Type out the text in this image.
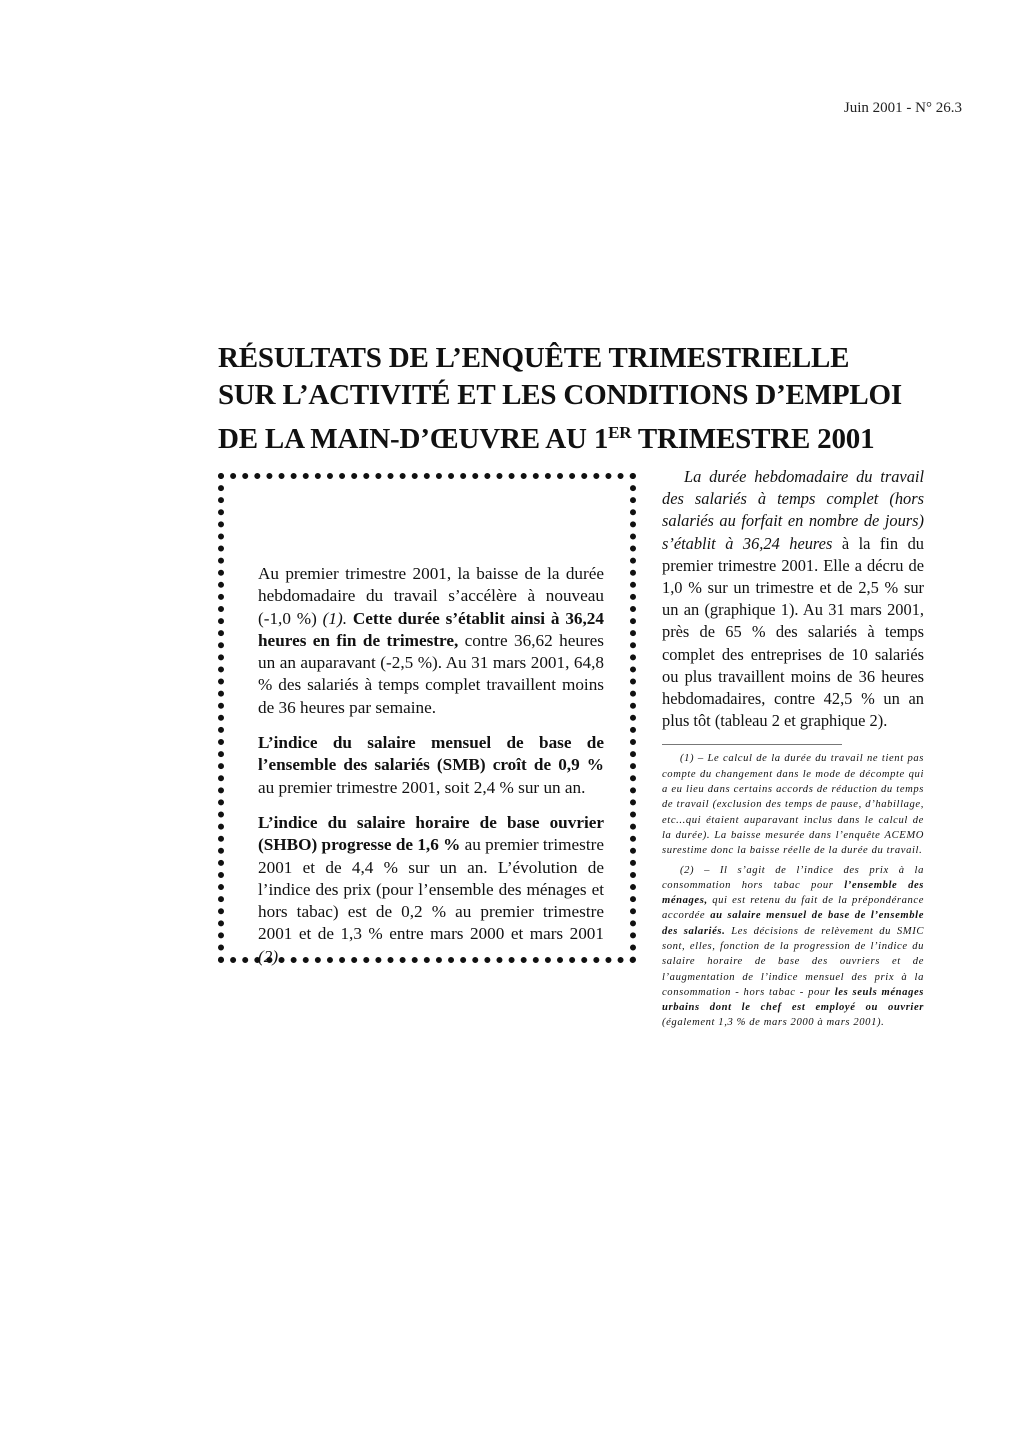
Juin 2001 - N° 26.3
RÉSULTATS DE L’ENQUÊTE TRIMESTRIELLE
SUR L’ACTIVITÉ ET LES CONDITIONS D’EMPLOI
DE LA MAIN-D’ŒUVRE AU 1ER TRIMESTRE 2001

Au premier trimestre 2001, la baisse de la durée hebdomadaire du travail s’accélère à nouveau (-1,0 %) (1). Cette durée s’établit ainsi à 36,24 heures en fin de trimestre, contre 36,62 heures un an auparavant (-2,5 %). Au 31 mars 2001, 64,8 % des salariés à temps complet travaillent moins de 36 heures par semaine.

L’indice du salaire mensuel de base de l’ensemble des salariés (SMB) croît de 0,9 % au premier trimestre 2001, soit 2,4 % sur un an.

L’indice du salaire horaire de base ouvrier (SHBO) progresse de 1,6 % au premier trimestre 2001 et de 4,4 % sur un an. L’évolution de l’indice des prix (pour l’ensemble des ménages et hors tabac) est de 0,2 % au premier trimestre 2001 et de 1,3 % entre mars 2000 et mars 2001 (2).

La durée hebdomadaire du travail des salariés à temps complet (hors salariés au forfait en nombre de jours) s’établit à 36,24 heures à la fin du premier trimestre 2001. Elle a décru de 1,0 % sur un trimestre et de 2,5 % sur un an (graphique 1). Au 31 mars 2001, près de 65 % des salariés à temps complet des entreprises de 10 salariés ou plus travaillent moins de 36 heures hebdomadaires, contre 42,5 % un an plus tôt (tableau 2 et graphique 2).

(1) – Le calcul de la durée du travail ne tient pas compte du changement dans le mode de décompte qui a eu lieu dans certains accords de réduction du temps de travail (exclusion des temps de pause, d’habillage, etc...qui étaient auparavant inclus dans le calcul de la durée). La baisse mesurée dans l’enquête ACEMO surestime donc la baisse réelle de la durée du travail.

(2) – Il s’agit de l’indice des prix à la consommation hors tabac pour l’ensemble des ménages, qui est retenu du fait de la prépondérance accordée au salaire mensuel de base de l’ensemble des salariés. Les décisions de relèvement du SMIC sont, elles, fonction de la progression de l’indice du salaire horaire de base des ouvriers et de l’augmentation de l’indice mensuel des prix à la consommation - hors tabac - pour les seuls ménages urbains dont le chef est employé ou ouvrier (également 1,3 % de mars 2000 à mars 2001).
